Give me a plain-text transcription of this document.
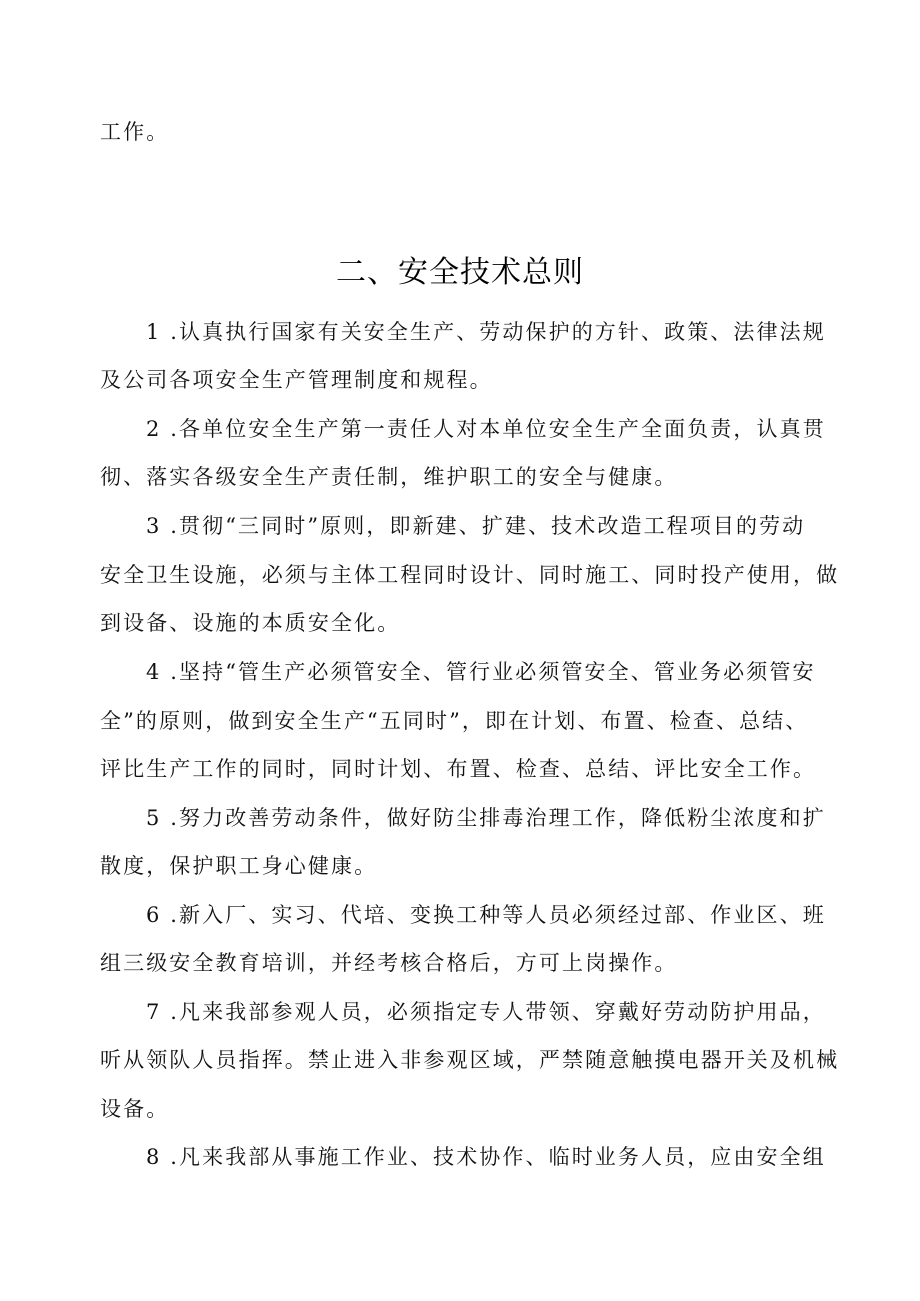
工作。
二、安全技术总则
1 .认真执行国家有关安全生产、劳动保护的方针、政策、法律法规
及公司各项安全生产管理制度和规程。
2 .各单位安全生产第一责任人对本单位安全生产全面负责，认真贯
彻、落实各级安全生产责任制，维护职工的安全与健康。
3 .贯彻“三同时”原则，即新建、扩建、技术改造工程项目的劳动
安全卫生设施，必须与主体工程同时设计、同时施工、同时投产使用，做
到设备、设施的本质安全化。
4 .坚持“管生产必须管安全、管行业必须管安全、管业务必须管安
全”的原则，做到安全生产“五同时”，即在计划、布置、检查、总结、
评比生产工作的同时，同时计划、布置、检查、总结、评比安全工作。
5 .努力改善劳动条件，做好防尘排毒治理工作，降低粉尘浓度和扩
散度，保护职工身心健康。
6 .新入厂、实习、代培、变换工种等人员必须经过部、作业区、班
组三级安全教育培训，并经考核合格后，方可上岗操作。
7 .凡来我部参观人员，必须指定专人带领、穿戴好劳动防护用品，
听从领队人员指挥。禁止进入非参观区域，严禁随意触摸电器开关及机械
设备。
8 .凡来我部从事施工作业、技术协作、临时业务人员，应由安全组
